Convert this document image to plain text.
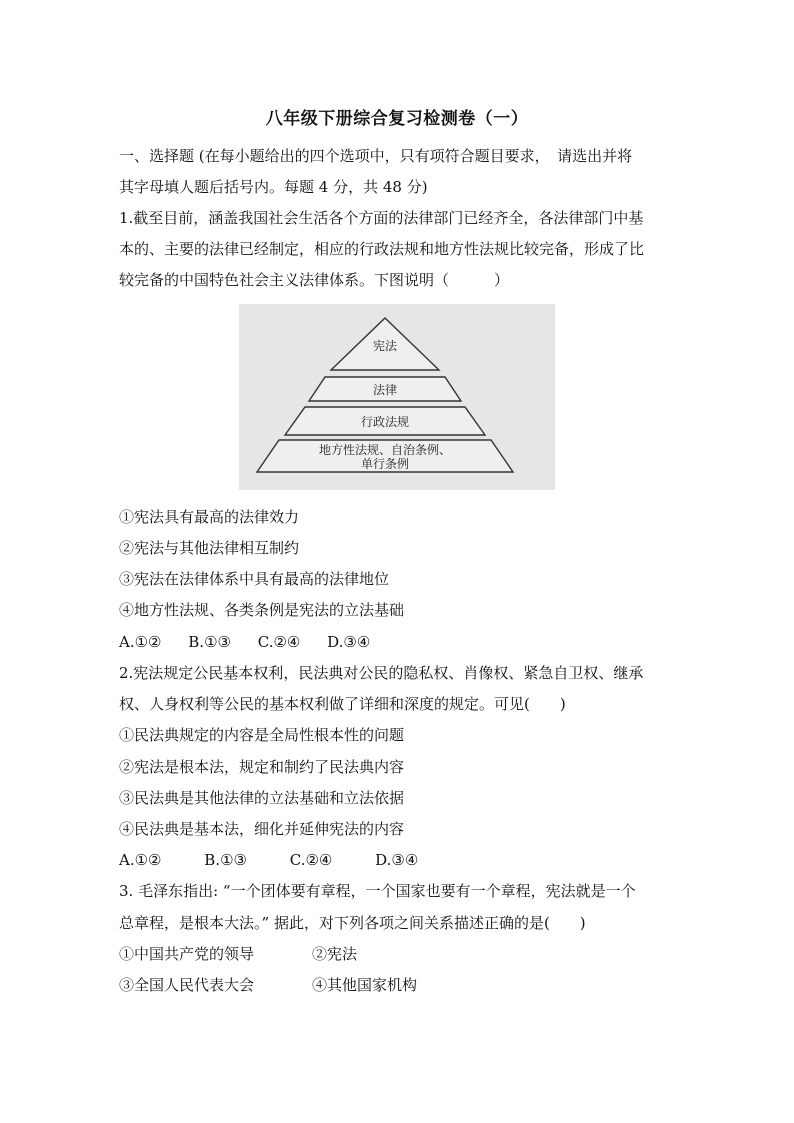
八年级下册综合复习检测卷（一）
一、选择题 (在每小题给出的四个选项中，只有项符合题目要求，　请选出并将
其字母填人题后括号内。每题 4 分，共 48 分)
1.截至目前，涵盖我国社会生活各个方面的法律部门已经齐全，各法律部门中基
本的、主要的法律已经制定，相应的行政法规和地方性法规比较完备，形成了比
较完备的中国特色社会主义法律体系。下图说明（　　　）
宪法
法律
行政法规
地方性法规、自治条例、
单行条例
①宪法具有最高的法律效力
②宪法与其他法律相互制约
③宪法在法律体系中具有最高的法律地位
④地方性法规、各类条例是宪法的立法基础
A.①② B.①③ C.②④ D.③④
2.宪法规定公民基本权利，民法典对公民的隐私权、肖像权、紧急自卫权、继承
权、人身权利等公民的基本权利做了详细和深度的规定。可见(　　)
①民法典规定的内容是全局性根本性的问题
②宪法是根本法，规定和制约了民法典内容
③民法典是其他法律的立法基础和立法依据
④民法典是基本法，细化并延伸宪法的内容
A.①②	B.①③	C.②④	D.③④
3. 毛泽东指出: “一个团体要有章程，一个国家也要有一个章程，宪法就是一个
总章程，是根本大法。” 据此，对下列各项之间关系描述正确的是(　　)
①中国共产党的领导	②宪法
③全国人民代表大会	④其他国家机构
